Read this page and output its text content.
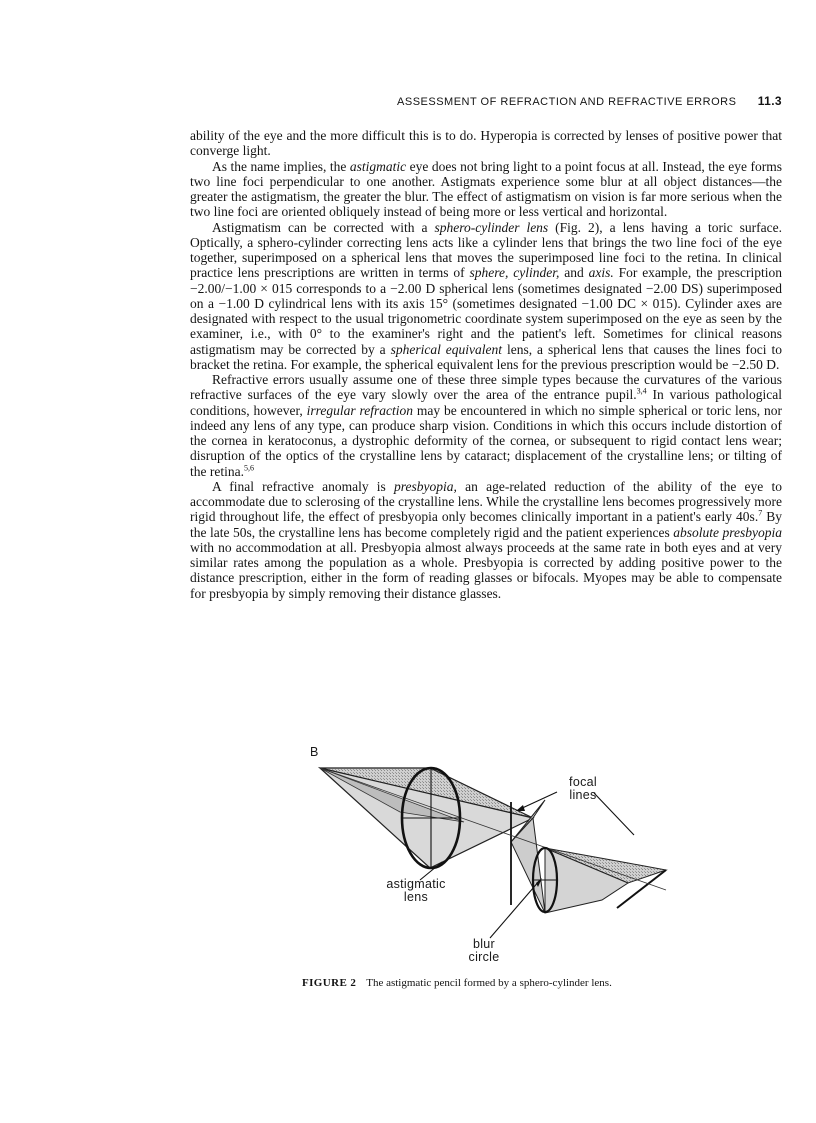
ASSESSMENT OF REFRACTION AND REFRACTIVE ERRORS 11.3

ability of the eye and the more difficult this is to do. Hyperopia is corrected by lenses of positive power that converge light.

As the name implies, the astigmatic eye does not bring light to a point focus at all. Instead, the eye forms two line foci perpendicular to one another. Astigmats experience some blur at all object distances—the greater the astigmatism, the greater the blur. The effect of astigmatism on vision is far more serious when the two line foci are oriented obliquely instead of being more or less vertical and horizontal.

Astigmatism can be corrected with a sphero-cylinder lens (Fig. 2), a lens having a toric surface. Optically, a sphero-cylinder correcting lens acts like a cylinder lens that brings the two line foci of the eye together, superimposed on a spherical lens that moves the superimposed line foci to the retina. In clinical practice lens prescriptions are written in terms of sphere, cylinder, and axis. For example, the prescription −2.00/−1.00 × 015 corresponds to a −2.00 D spherical lens (sometimes designated −2.00 DS) superimposed on a −1.00 D cylindrical lens with its axis 15° (sometimes designated −1.00 DC × 015). Cylinder axes are designated with respect to the usual trigonometric coordinate system superimposed on the eye as seen by the examiner, i.e., with 0° to the examiner's right and the patient's left. Sometimes for clinical reasons astigmatism may be corrected by a spherical equivalent lens, a spherical lens that causes the lines foci to bracket the retina. For example, the spherical equivalent lens for the previous prescription would be −2.50 D.

Refractive errors usually assume one of these three simple types because the curvatures of the various refractive surfaces of the eye vary slowly over the area of the entrance pupil.$^{3,4}$ In various pathological conditions, however, irregular refraction may be encountered in which no simple spherical or toric lens, nor indeed any lens of any type, can produce sharp vision. Conditions in which this occurs include distortion of the cornea in keratoconus, a dystrophic deformity of the cornea, or subsequent to rigid contact lens wear; disruption of the optics of the crystalline lens by cataract; displacement of the crystalline lens; or tilting of the retina.$^{5,6}$

A final refractive anomaly is presbyopia, an age-related reduction of the ability of the eye to accommodate due to sclerosing of the crystalline lens. While the crystalline lens becomes progressively more rigid throughout life, the effect of presbyopia only becomes clinically important in a patient's early 40s.$^7$ By the late 50s, the crystalline lens has become completely rigid and the patient experiences absolute presbyopia with no accommodation at all. Presbyopia almost always proceeds at the same rate in both eyes and at very similar rates among the population as a whole. Presbyopia is corrected by adding positive power to the distance prescription, either in the form of reading glasses or bifocals. Myopes may be able to compensate for presbyopia by simply removing their distance glasses.

B
focal
lines
astigmatic
lens
blur
circle
FIGURE 2 The astigmatic pencil formed by a sphero-cylinder lens.
